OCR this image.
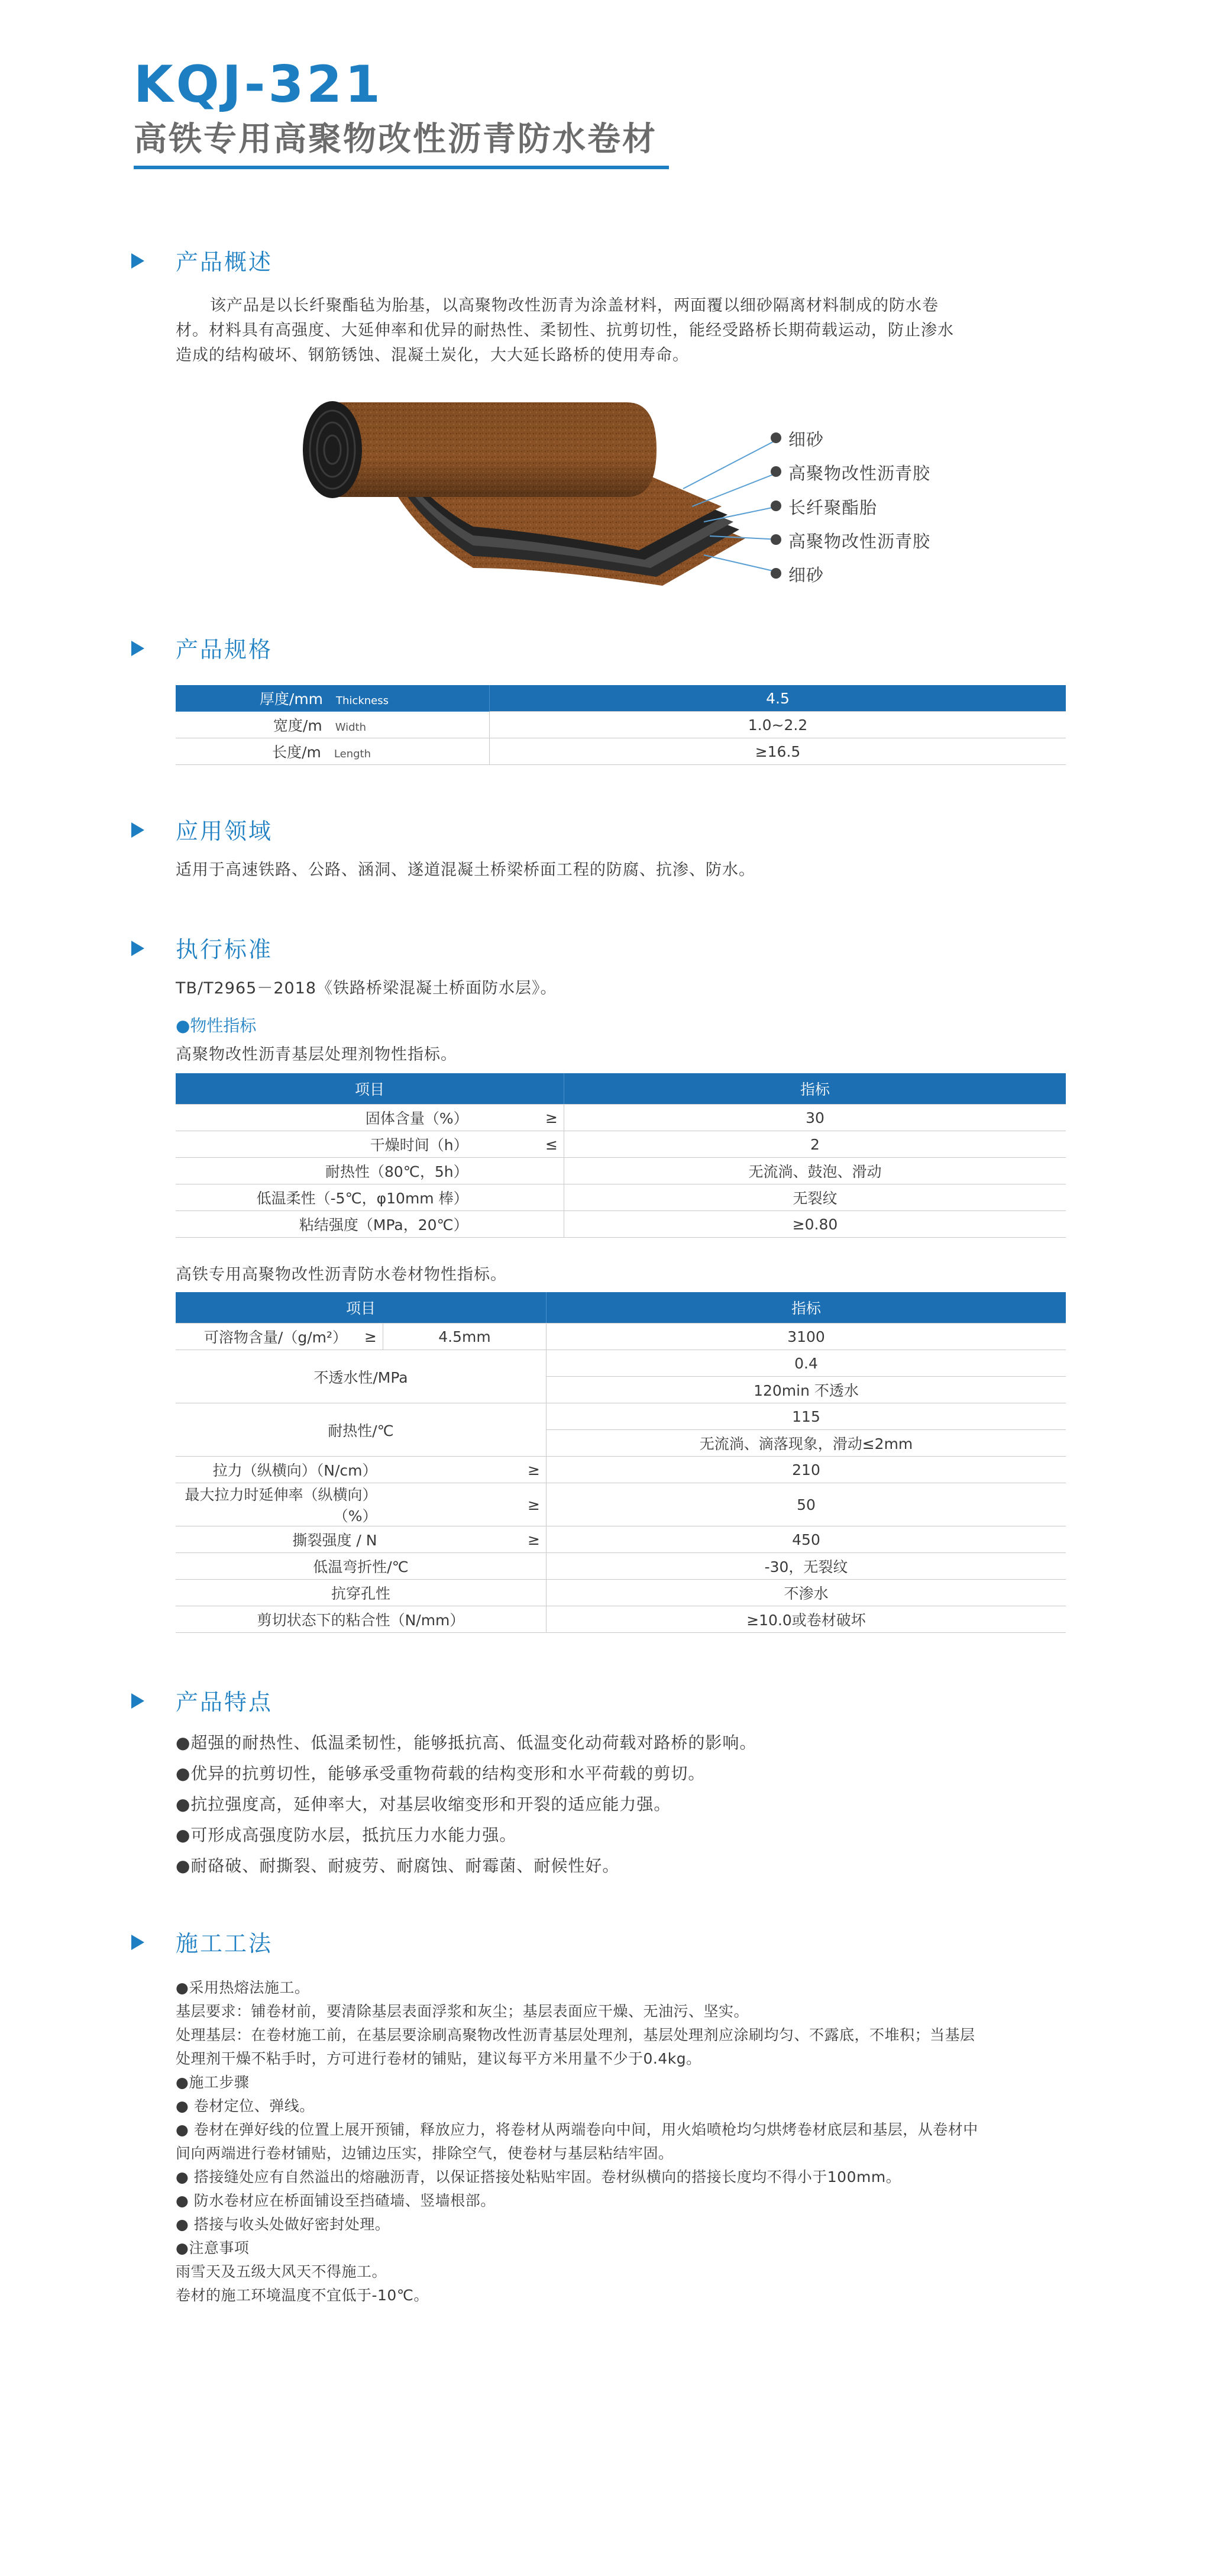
KQJ-321
高铁专用高聚物改性沥青防水卷材
产品概述
该产品是以长纤聚酯毡为胎基，以高聚物改性沥青为涂盖材料，两面覆以细砂隔离材料制成的防水卷
材。材料具有高强度、大延伸率和优异的耐热性、柔韧性、抗剪切性，能经受路桥长期荷载运动，防止渗水
造成的结构破坏、钢筋锈蚀、混凝土炭化，大大延长路桥的使用寿命。
细砂
高聚物改性沥青胶
长纤聚酯胎
高聚物改性沥青胶
细砂
产品规格
厚度/mm Thickness	4.5
宽度/m Width	1.0~2.2
长度/m Length	≥16.5
应用领域
适用于高速铁路、公路、涵洞、遂道混凝土桥梁桥面工程的防腐、抗渗、防水。
执行标准
TB/T2965－2018《铁路桥梁混凝土桥面防水层》。
●物性指标
高聚物改性沥青基层处理剂物性指标。
项目		指标
固体含量（%）	≥	30
干燥时间（h）	≤	2
耐热性（80℃，5h）		无流淌、鼓泡、滑动
低温柔性（-5℃，φ10mm 棒）		无裂纹
粘结强度（MPa，20℃）		≥0.80
高铁专用高聚物改性沥青防水卷材物性指标。
项目			指标
可溶物含量/（g/m²）	≥	4.5mm	3100
不透水性/MPa			0.4
			120min 不透水
耐热性/℃			115
			无流淌、滴落现象，滑动≤2mm
拉力（纵横向）（N/cm）		≥	210
最大拉力时延伸率（纵横向）（%）		≥	50
撕裂强度 / N		≥	450
低温弯折性/℃			-30，无裂纹
抗穿孔性			不渗水
剪切状态下的粘合性（N/mm）			≥10.0或卷材破坏
产品特点
●超强的耐热性、低温柔韧性，能够抵抗高、低温变化动荷载对路桥的影响。
●优异的抗剪切性，能够承受重物荷载的结构变形和水平荷载的剪切。
●抗拉强度高，延伸率大，对基层收缩变形和开裂的适应能力强。
●可形成高强度防水层，抵抗压力水能力强。
●耐硌破、耐撕裂、耐疲劳、耐腐蚀、耐霉菌、耐候性好。
施工工法
●采用热熔法施工。
基层要求：铺卷材前，要清除基层表面浮浆和灰尘；基层表面应干燥、无油污、坚实。
处理基层：在卷材施工前，在基层要涂刷高聚物改性沥青基层处理剂，基层处理剂应涂刷均匀、不露底，不堆积；当基层
处理剂干燥不粘手时，方可进行卷材的铺贴，建议每平方米用量不少于0.4kg。
●施工步骤
● 卷材定位、弹线。
● 卷材在弹好线的位置上展开预铺，释放应力，将卷材从两端卷向中间，用火焰喷枪均匀烘烤卷材底层和基层，从卷材中
间向两端进行卷材铺贴，边铺边压实，排除空气，使卷材与基层粘结牢固。
● 搭接缝处应有自然溢出的熔融沥青，以保证搭接处粘贴牢固。卷材纵横向的搭接长度均不得小于100mm。
● 防水卷材应在桥面铺设至挡碴墙、竖墙根部。
● 搭接与收头处做好密封处理。
●注意事项
雨雪天及五级大风天不得施工。
卷材的施工环境温度不宜低于-10℃。
